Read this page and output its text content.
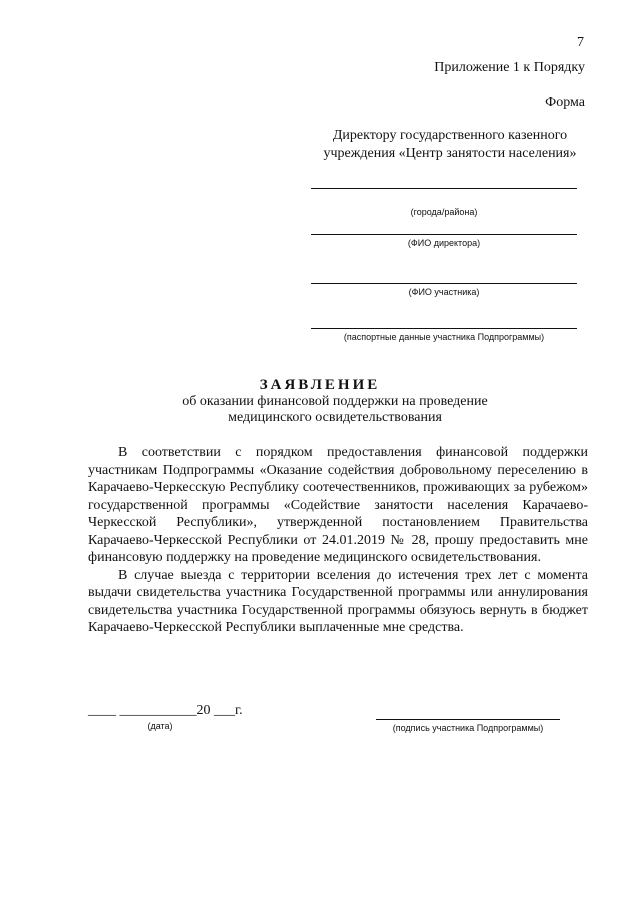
7
Приложение 1 к Порядку
Форма
Директору государственного казенного
учреждения «Центр занятости населения»
(города/района)
(ФИО директора)
(ФИО участника)
(паспортные данные участника Подпрограммы)
ЗАЯВЛЕНИЕ
об оказании финансовой поддержки на проведение
медицинского освидетельствования

В соответствии с порядком предоставления финансовой поддержки участникам Подпрограммы «Оказание содействия добровольному переселению в Карачаево-Черкесскую Республику соотечественников, проживающих за рубежом» государственной программы «Содействие занятости населения Карачаево-Черкесской Республики», утвержденной постановлением Правительства Карачаево-Черкесской Республики от 24.01.2019 № 28, прошу предоставить мне финансовую поддержку на проведение медицинского освидетельствования.

В случае выезда с территории вселения до истечения трех лет с момента выдачи свидетельства участника Государственной программы или аннулирования свидетельства участника Государственной программы обязуюсь вернуть в бюджет Карачаево-Черкесской Республики выплаченные мне средства.

____ ___________20 ___г.
(дата)	(подпись участника Подпрограммы)
